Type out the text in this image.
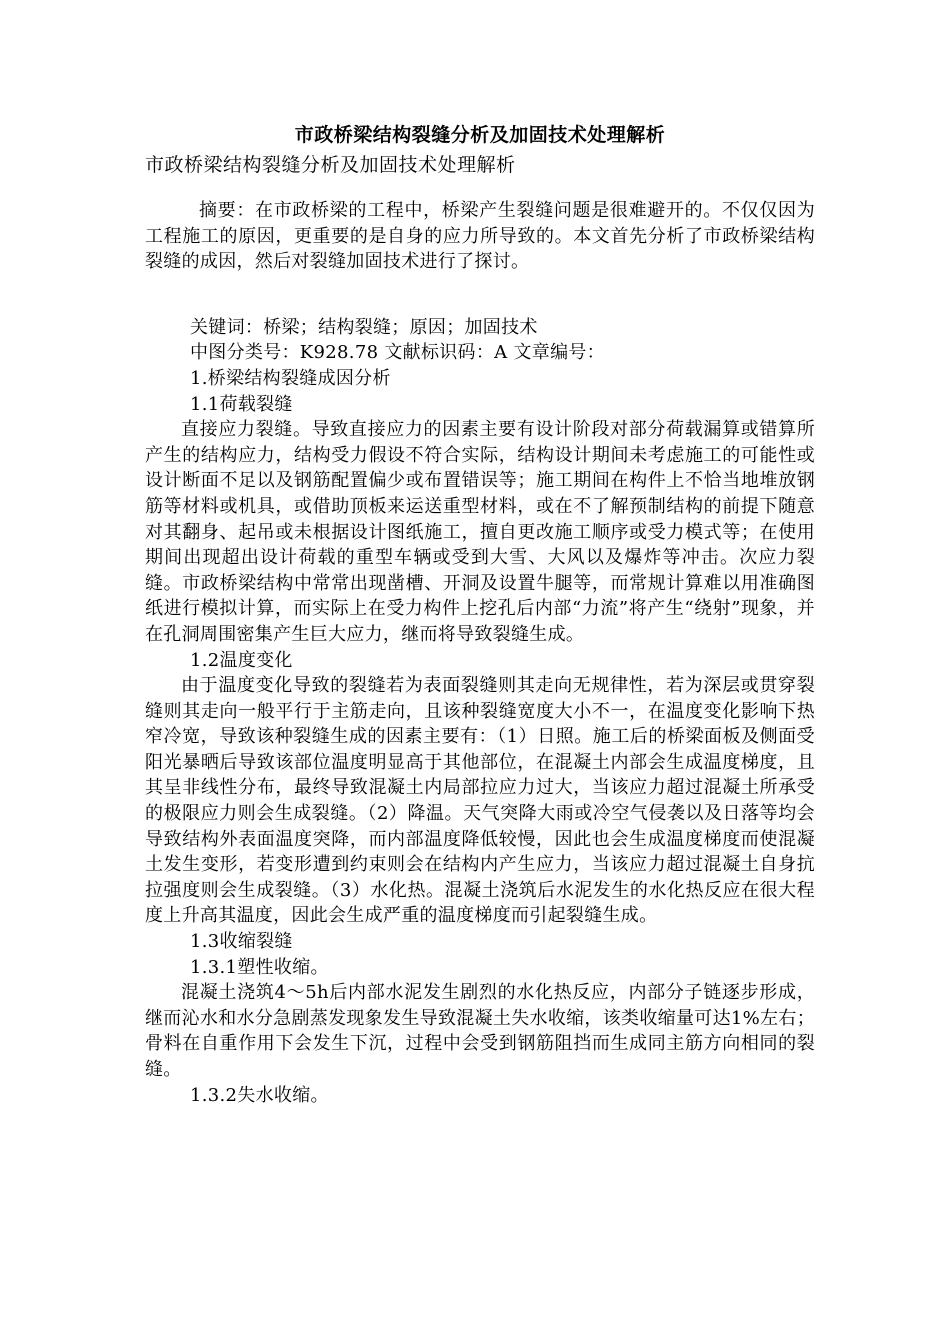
市政桥梁结构裂缝分析及加固技术处理解析

市政桥梁结构裂缝分析及加固技术处理解析

摘要：在市政桥梁的工程中，桥梁产生裂缝问题是很难避开的。不仅仅因为工程施工的原因，更重要的是自身的应力所导致的。本文首先分析了市政桥梁结构裂缝的成因，然后对裂缝加固技术进行了探讨。

关键词：桥梁；结构裂缝；原因；加固技术

中图分类号：K928.78 文献标识码：A 文章编号：

1.桥梁结构裂缝成因分析

1.1荷载裂缝

直接应力裂缝。导致直接应力的因素主要有设计阶段对部分荷载漏算或错算所产生的结构应力，结构受力假设不符合实际，结构设计期间未考虑施工的可能性或设计断面不足以及钢筋配置偏少或布置错误等；施工期间在构件上不恰当地堆放钢筋等材料或机具，或借助顶板来运送重型材料，或在不了解预制结构的前提下随意对其翻身、起吊或未根据设计图纸施工，擅自更改施工顺序或受力模式等；在使用期间出现超出设计荷载的重型车辆或受到大雪、大风以及爆炸等冲击。次应力裂缝。市政桥梁结构中常常出现凿槽、开洞及设置牛腿等，而常规计算难以用准确图纸进行模拟计算，而实际上在受力构件上挖孔后内部“力流”将产生“绕射”现象，并在孔洞周围密集产生巨大应力，继而将导致裂缝生成。

1.2温度变化

由于温度变化导致的裂缝若为表面裂缝则其走向无规律性，若为深层或贯穿裂缝则其走向一般平行于主筋走向，且该种裂缝宽度大小不一，在温度变化影响下热窄冷宽，导致该种裂缝生成的因素主要有：（1）日照。施工后的桥梁面板及侧面受阳光暴晒后导致该部位温度明显高于其他部位，在混凝土内部会生成温度梯度，且其呈非线性分布，最终导致混凝土内局部拉应力过大，当该应力超过混凝土所承受的极限应力则会生成裂缝。（2）降温。天气突降大雨或冷空气侵袭以及日落等均会导致结构外表面温度突降，而内部温度降低较慢，因此也会生成温度梯度而使混凝土发生变形，若变形遭到约束则会在结构内产生应力，当该应力超过混凝土自身抗拉强度则会生成裂缝。（3）水化热。混凝土浇筑后水泥发生的水化热反应在很大程度上升高其温度，因此会生成严重的温度梯度而引起裂缝生成。

1.3收缩裂缝

1.3.1塑性收缩。

混凝土浇筑4～5h后内部水泥发生剧烈的水化热反应，内部分子链逐步形成，继而沁水和水分急剧蒸发现象发生导致混凝土失水收缩，该类收缩量可达1%左右；骨料在自重作用下会发生下沉，过程中会受到钢筋阻挡而生成同主筋方向相同的裂缝。

1.3.2失水收缩。
